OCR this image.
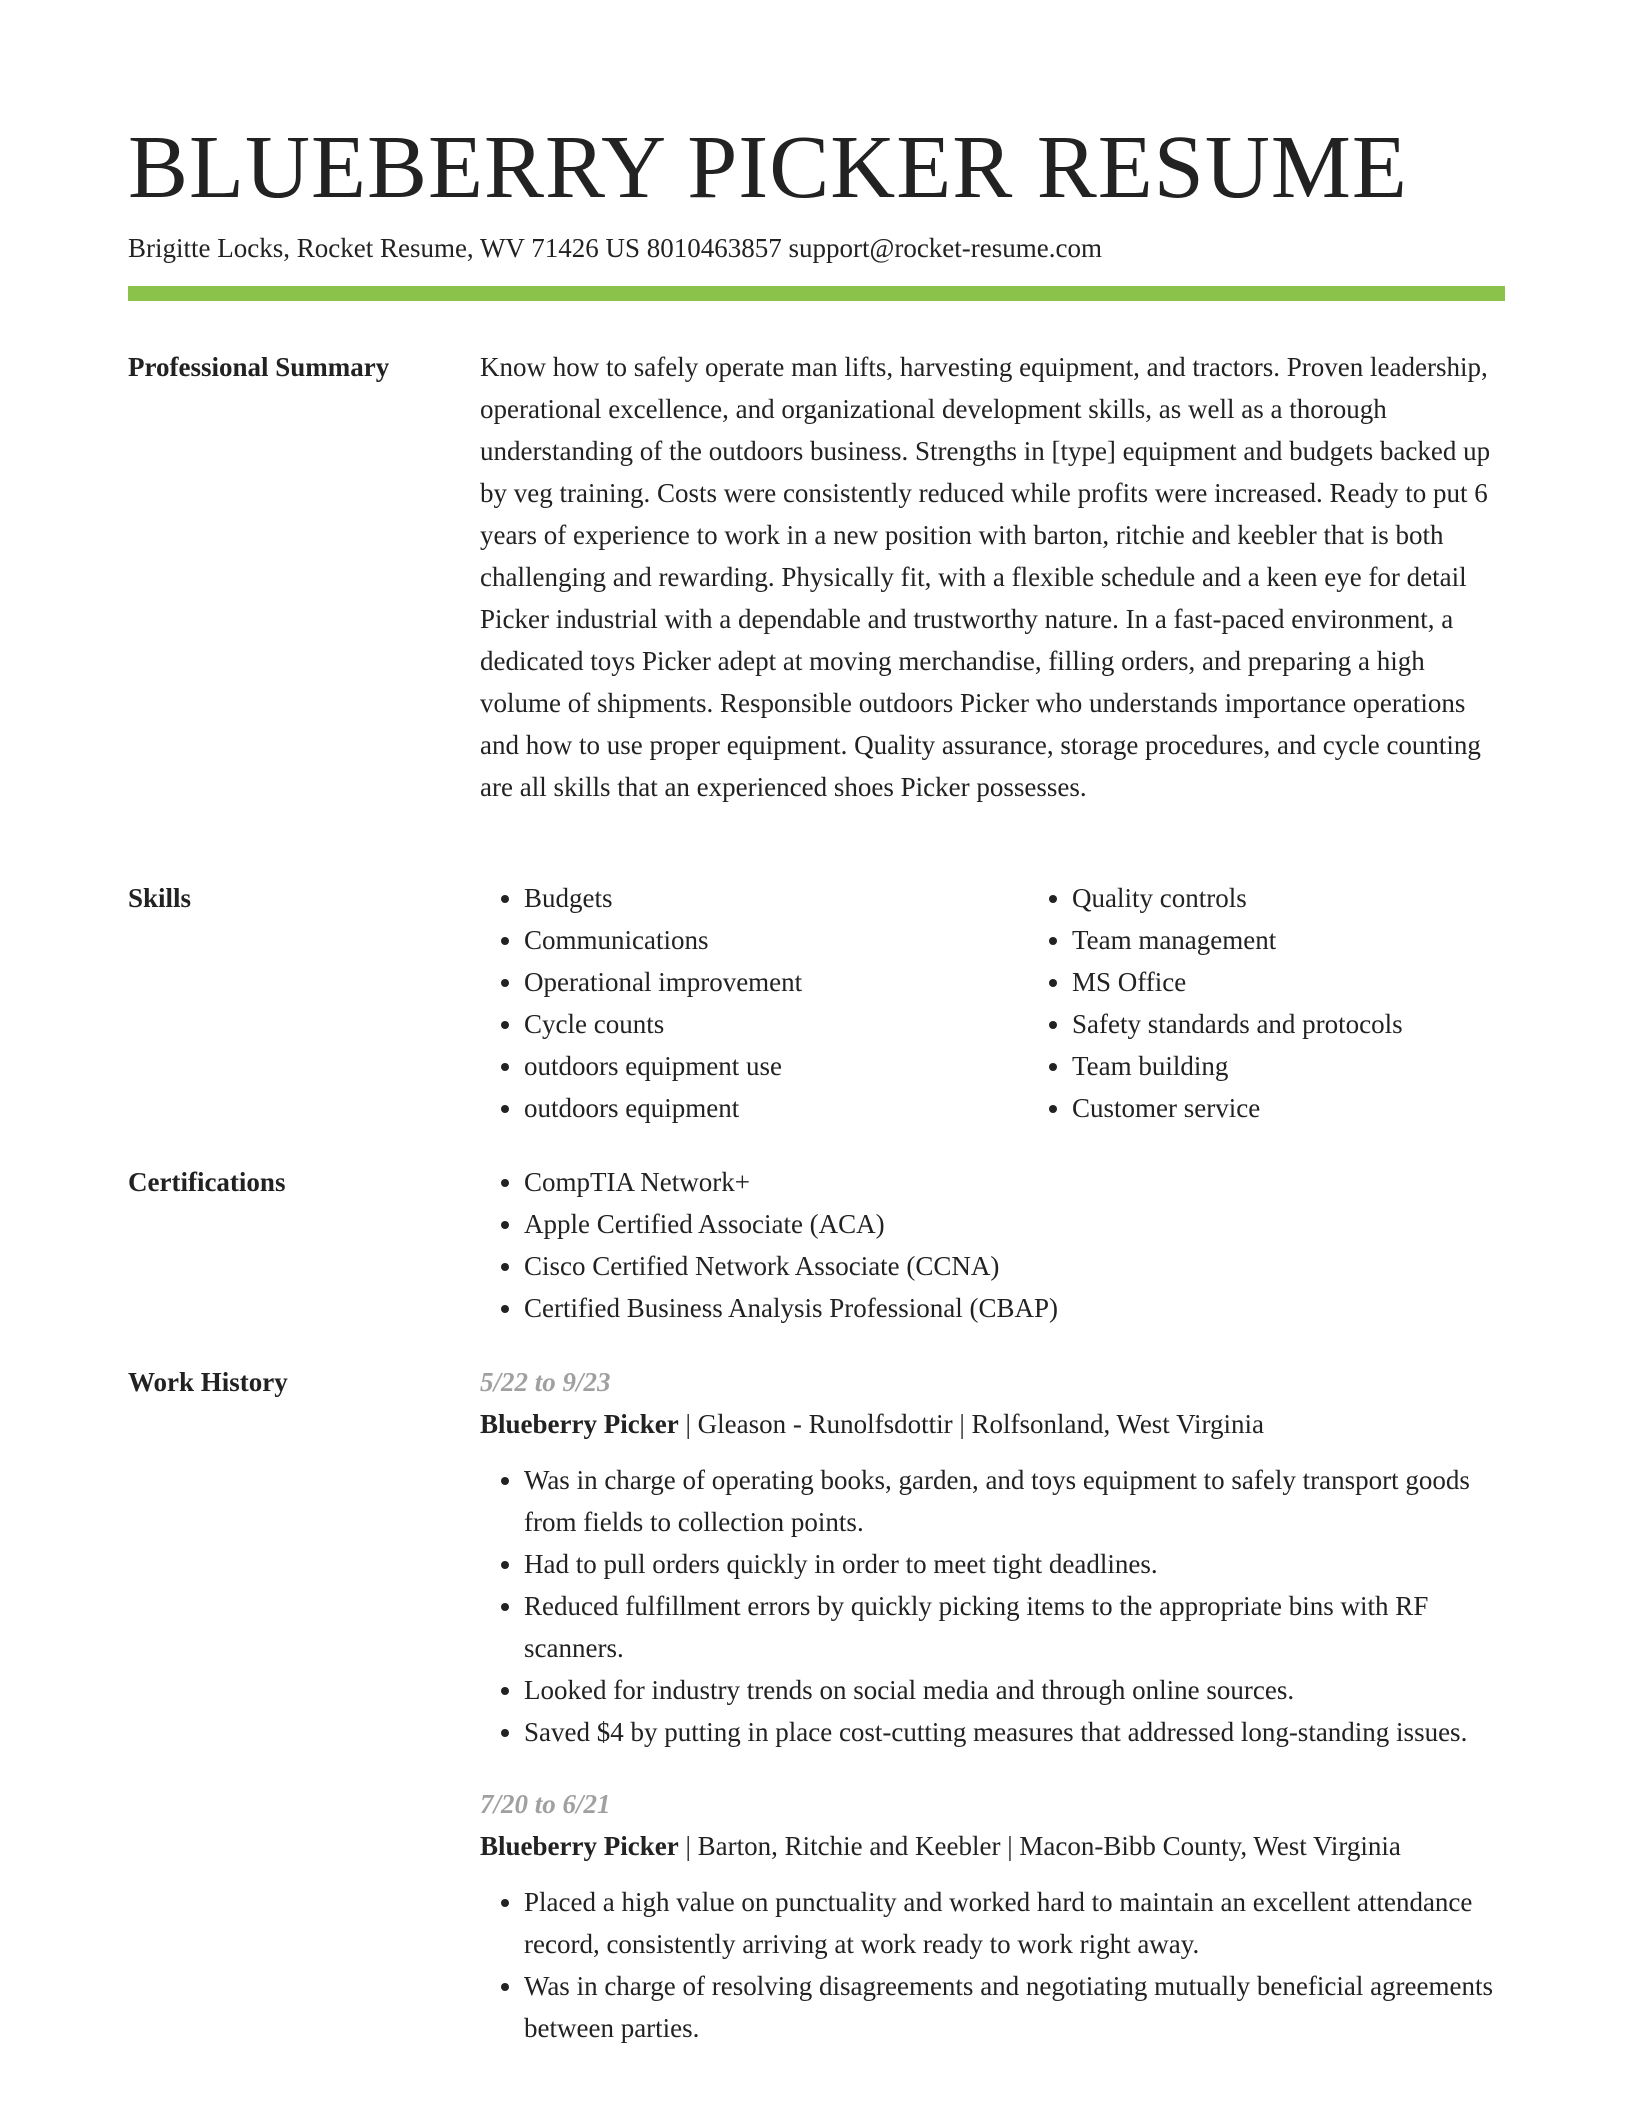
BLUEBERRY PICKER RESUME
Brigitte Locks, Rocket Resume, WV 71426 US 8010463857 support@rocket-resume.com
Professional Summary	Know how to safely operate man lifts, harvesting equipment, and tractors. Proven leadership, operational excellence, and organizational development skills, as well as a thorough understanding of the outdoors business. Strengths in [type] equipment and budgets backed up by veg training. Costs were consistently reduced while profits were increased. Ready to put 6 years of experience to work in a new position with barton, ritchie and keebler that is both challenging and rewarding. Physically fit, with a flexible schedule and a keen eye for detail Picker industrial with a dependable and trustworthy nature. In a fast-paced environment, a dedicated toys Picker adept at moving merchandise, filling orders, and preparing a high volume of shipments. Responsible outdoors Picker who understands importance operations and how to use proper equipment. Quality assurance, storage procedures, and cycle counting are all skills that an experienced shoes Picker possesses.

Skills	• Budgets
• Communications
• Operational improvement
• Cycle counts
• outdoors equipment use
• outdoors equipment
• Quality controls
• Team management
• MS Office
• Safety standards and protocols
• Team building
• Customer service
Certifications	• CompTIA Network+
• Apple Certified Associate (ACA)
• Cisco Certified Network Associate (CCNA)
• Certified Business Analysis Professional (CBAP)
Work History	5/22 to 9/23
Blueberry Picker | Gleason - Runolfsdottir | Rolfsonland, West Virginia
• Was in charge of operating books, garden, and toys equipment to safely transport goods from fields to collection points.
• Had to pull orders quickly in order to meet tight deadlines.
• Reduced fulfillment errors by quickly picking items to the appropriate bins with RF scanners.
• Looked for industry trends on social media and through online sources.
• Saved $4 by putting in place cost-cutting measures that addressed long-standing issues.
7/20 to 6/21
Blueberry Picker | Barton, Ritchie and Keebler | Macon-Bibb County, West Virginia
• Placed a high value on punctuality and worked hard to maintain an excellent attendance record, consistently arriving at work ready to work right away.
• Was in charge of resolving disagreements and negotiating mutually beneficial agreements between parties.
